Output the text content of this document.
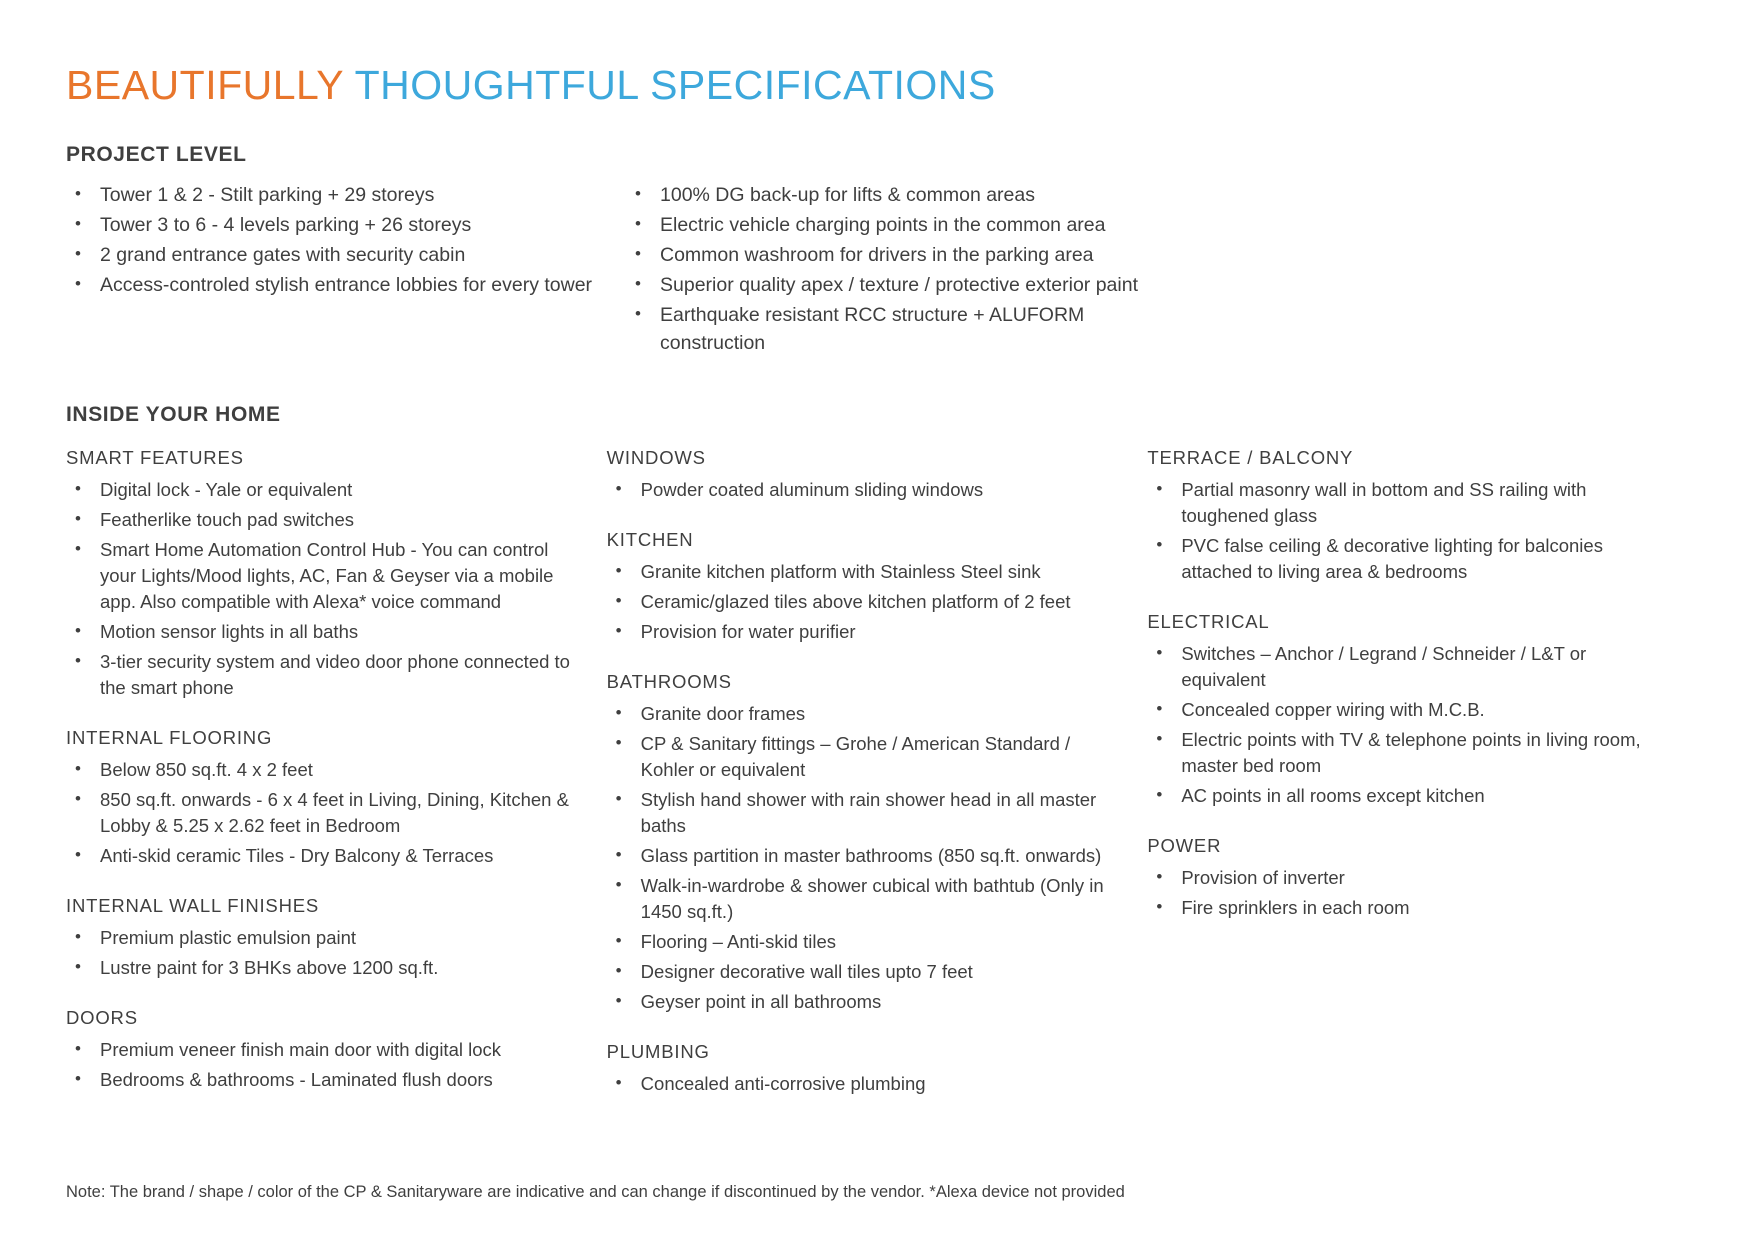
BEAUTIFULLY THOUGHTFUL SPECIFICATIONS
PROJECT LEVEL
• Tower 1 & 2 - Stilt parking + 29 storeys
• Tower 3 to 6 - 4 levels parking + 26 storeys
• 2 grand entrance gates with security cabin
• Access-controled stylish entrance lobbies for every tower
• 100% DG back-up for lifts & common areas
• Electric vehicle charging points in the common area
• Common washroom for drivers in the parking area
• Superior quality apex / texture / protective exterior paint
• Earthquake resistant RCC structure + ALUFORM construction
INSIDE YOUR HOME
SMART FEATURES
• Digital lock - Yale or equivalent
• Featherlike touch pad switches
• Smart Home Automation Control Hub - You can control your Lights/Mood lights, AC, Fan & Geyser via a mobile app. Also compatible with Alexa* voice command
• Motion sensor lights in all baths
• 3-tier security system and video door phone connected to the smart phone
INTERNAL FLOORING
• Below 850 sq.ft. 4 x 2 feet
• 850 sq.ft. onwards - 6 x 4 feet in Living, Dining, Kitchen & Lobby & 5.25 x 2.62 feet in Bedroom
• Anti-skid ceramic Tiles - Dry Balcony & Terraces
INTERNAL WALL FINISHES
• Premium plastic emulsion paint
• Lustre paint for 3 BHKs above 1200 sq.ft.
DOORS
• Premium veneer finish main door with digital lock
• Bedrooms & bathrooms - Laminated flush doors
WINDOWS
• Powder coated aluminum sliding windows
KITCHEN
• Granite kitchen platform with Stainless Steel sink
• Ceramic/glazed tiles above kitchen platform of 2 feet
• Provision for water purifier
BATHROOMS
• Granite door frames
• CP & Sanitary fittings – Grohe / American Standard / Kohler or equivalent
• Stylish hand shower with rain shower head in all master baths
• Glass partition in master bathrooms (850 sq.ft. onwards)
• Walk-in-wardrobe & shower cubical with bathtub (Only in 1450 sq.ft.)
• Flooring – Anti-skid tiles
• Designer decorative wall tiles upto 7 feet
• Geyser point in all bathrooms
PLUMBING
• Concealed anti-corrosive plumbing
TERRACE / BALCONY
• Partial masonry wall in bottom and SS railing with toughened glass
• PVC false ceiling & decorative lighting for balconies attached to living area & bedrooms
ELECTRICAL
• Switches – Anchor / Legrand / Schneider / L&T or equivalent
• Concealed copper wiring with M.C.B.
• Electric points with TV & telephone points in living room, master bed room
• AC points in all rooms except kitchen
POWER
• Provision of inverter
• Fire sprinklers in each room
Note: The brand / shape / color of the CP & Sanitaryware are indicative and can change if discontinued by the vendor. *Alexa device not provided
